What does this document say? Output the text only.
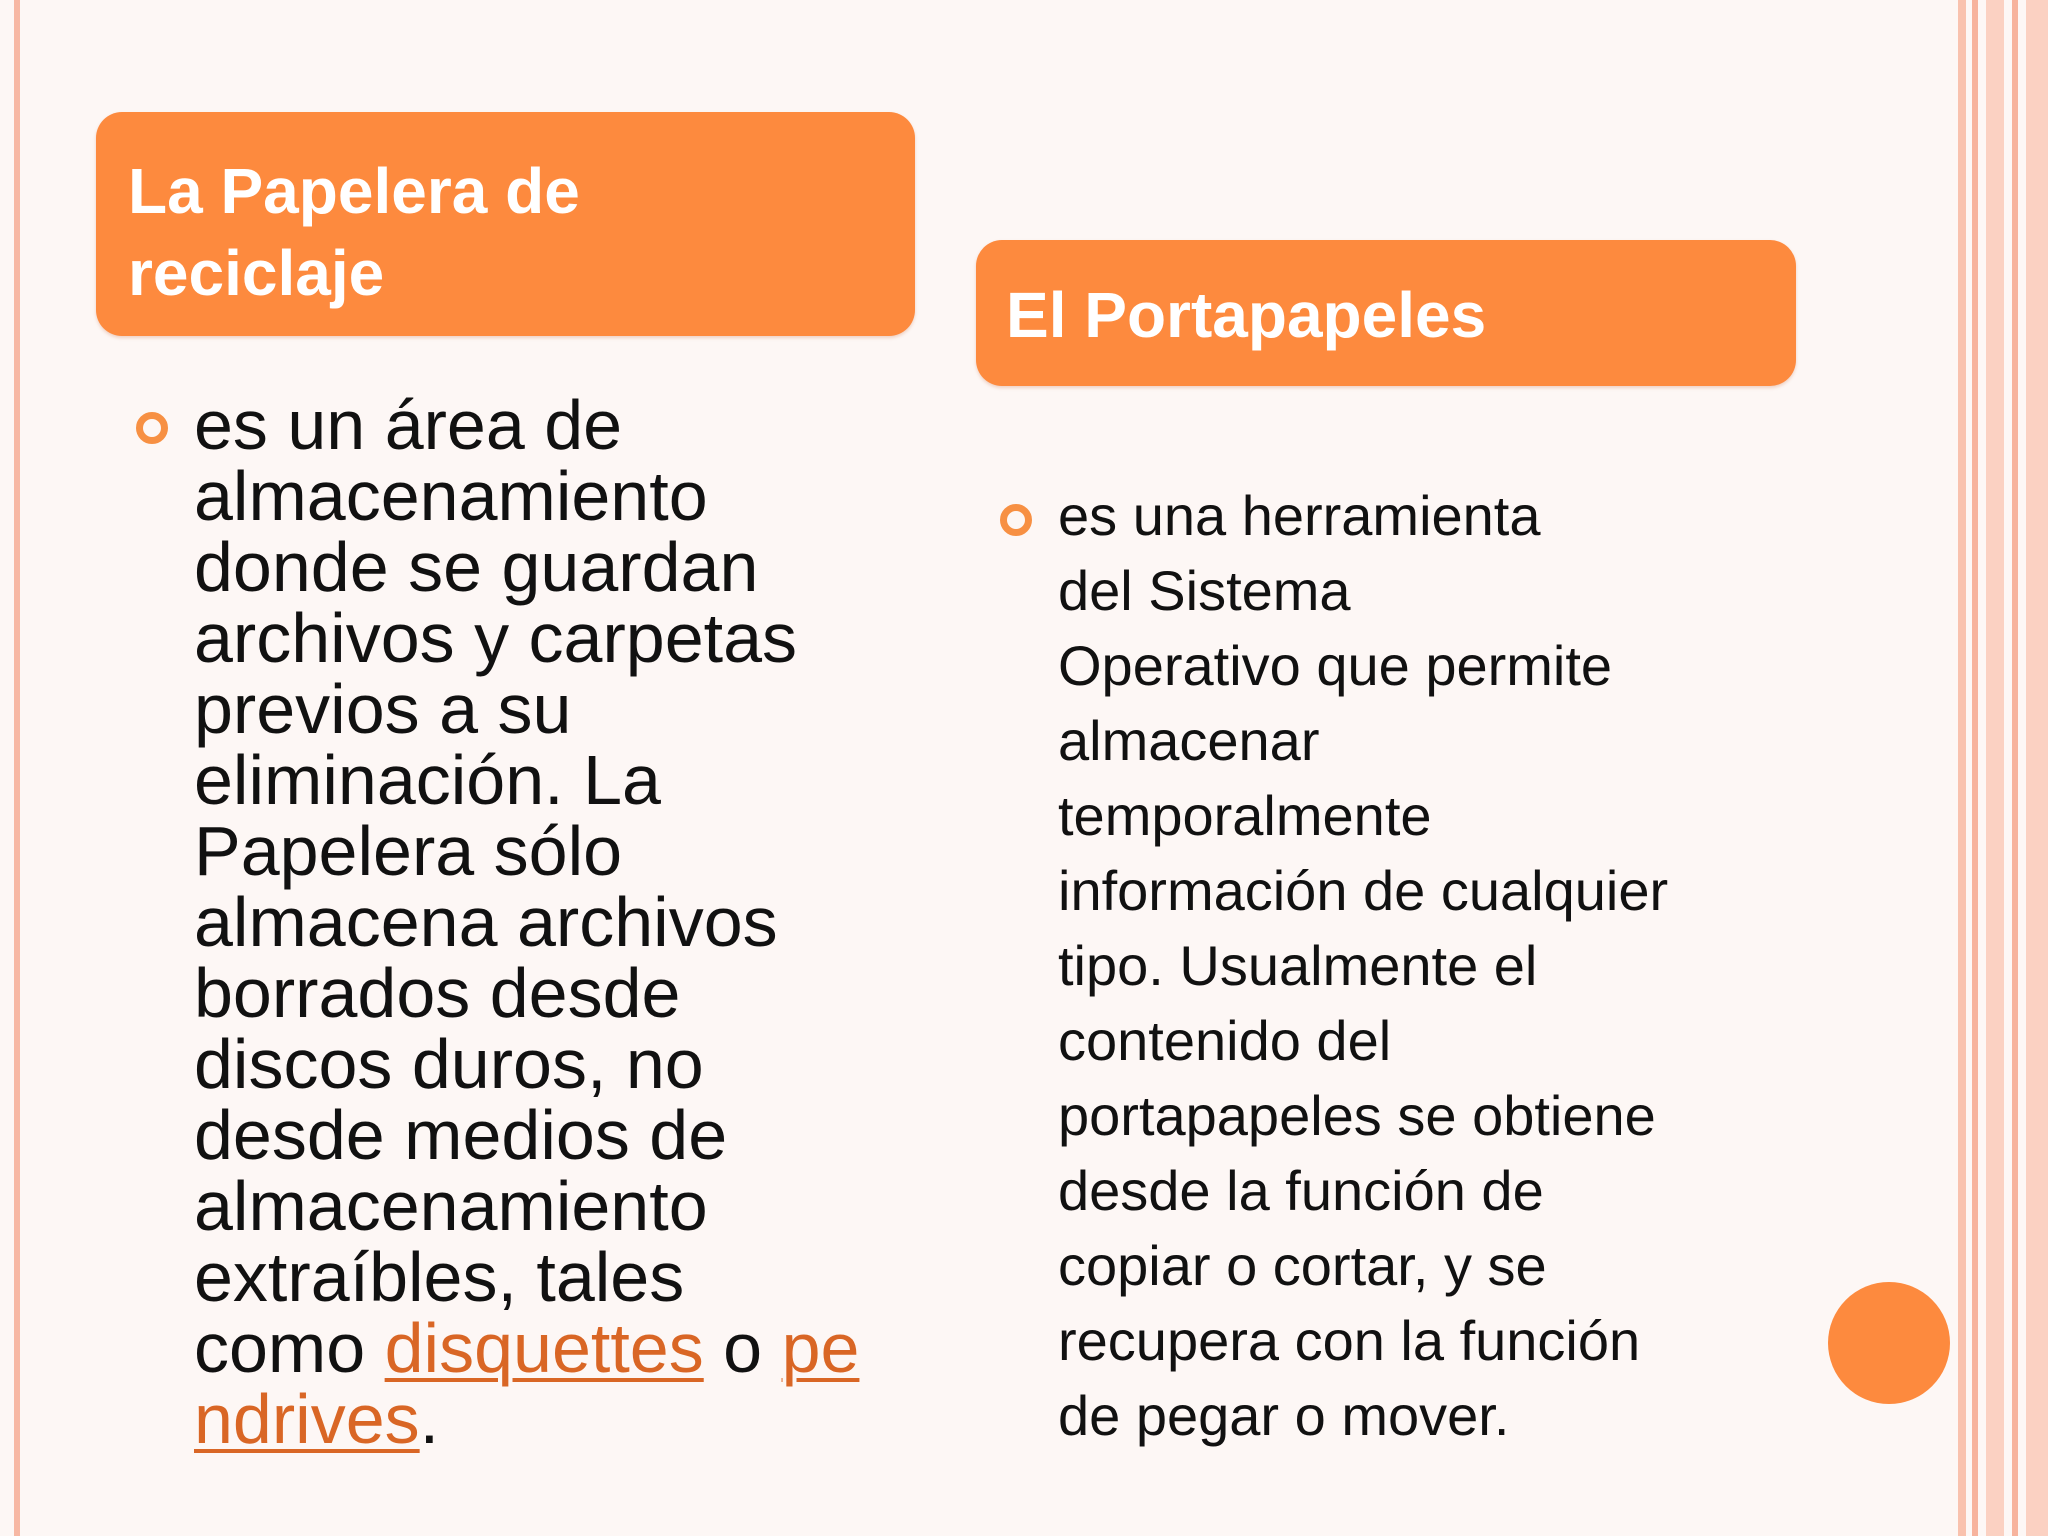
La Papelera de
reciclaje
El Portapapeles
es un área de
almacenamiento
donde se guardan
archivos y carpetas
previos a su
eliminación. La
Papelera sólo
almacena archivos
borrados desde
discos duros, no
desde medios de
almacenamiento
extraíbles, tales
como disquettes o pe
ndrives.
es una herramienta
del Sistema
Operativo que permite
almacenar
temporalmente
información de cualquier
tipo. Usualmente el
contenido del
portapapeles se obtiene
desde la función de
copiar o cortar, y se
recupera con la función
de pegar o mover.
